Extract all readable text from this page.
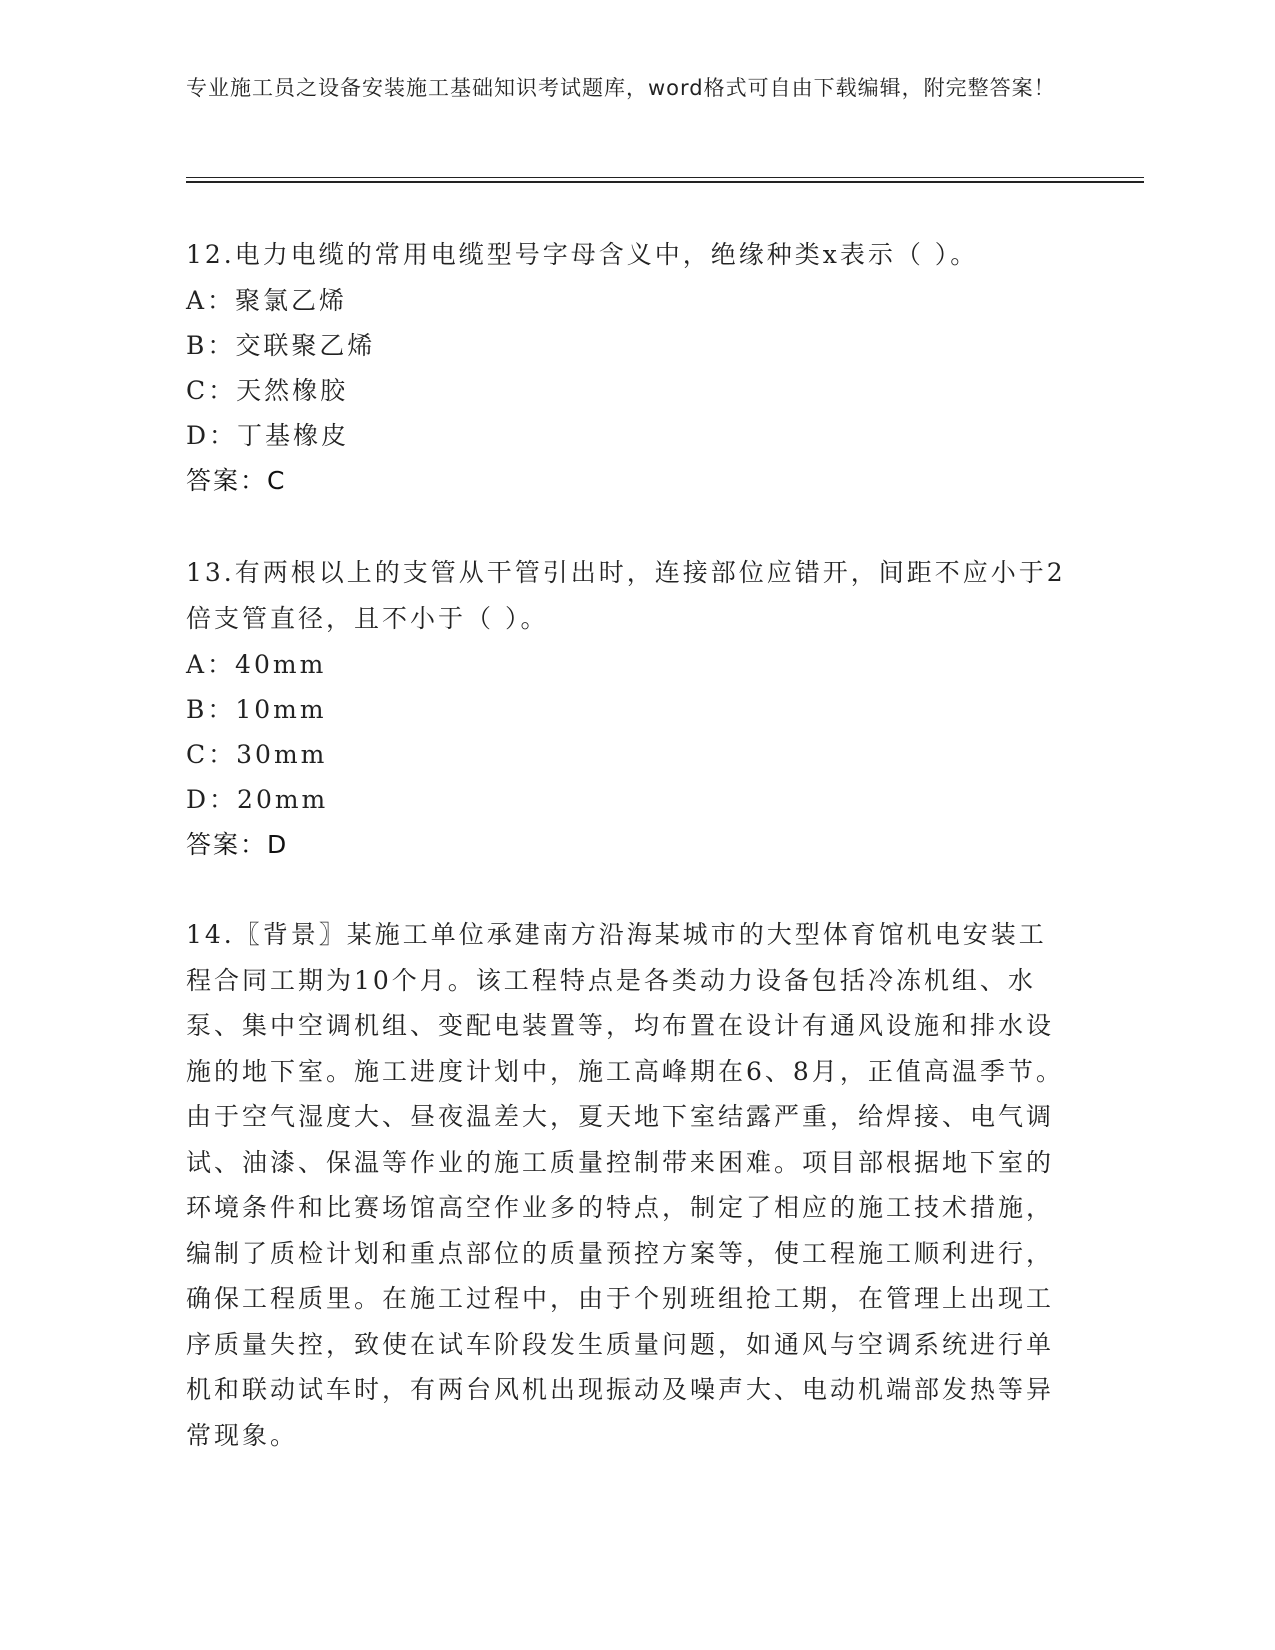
专业施工员之设备安装施工基础知识考试题库，word格式可自由下载编辑，附完整答案！

12.电力电缆的常用电缆型号字母含义中，绝缘种类x表示（ ）。

A：聚氯乙烯

B：交联聚乙烯

C：天然橡胶

D：丁基橡皮

答案：C

13.有两根以上的支管从干管引出时，连接部位应错开，间距不应小于2倍支管直径，且不小于（ ）。

A：40mm

B：10mm

C：30mm

D：20mm

答案：D

14.〖背景〗某施工单位承建南方沿海某城市的大型体育馆机电安装工程合同工期为10个月。该工程特点是各类动力设备包括冷冻机组、水泵、集中空调机组、变配电装置等，均布置在设计有通风设施和排水设施的地下室。施工进度计划中，施工高峰期在6、8月，正值高温季节。由于空气湿度大、昼夜温差大，夏天地下室结露严重，给焊接、电气调试、油漆、保温等作业的施工质量控制带来困难。项目部根据地下室的环境条件和比赛场馆高空作业多的特点，制定了相应的施工技术措施，编制了质检计划和重点部位的质量预控方案等，使工程施工顺利进行，确保工程质里。在施工过程中，由于个别班组抢工期，在管理上出现工序质量失控，致使在试车阶段发生质量问题，如通风与空调系统进行单机和联动试车时，有两台风机出现振动及噪声大、电动机端部发热等异常现象。
